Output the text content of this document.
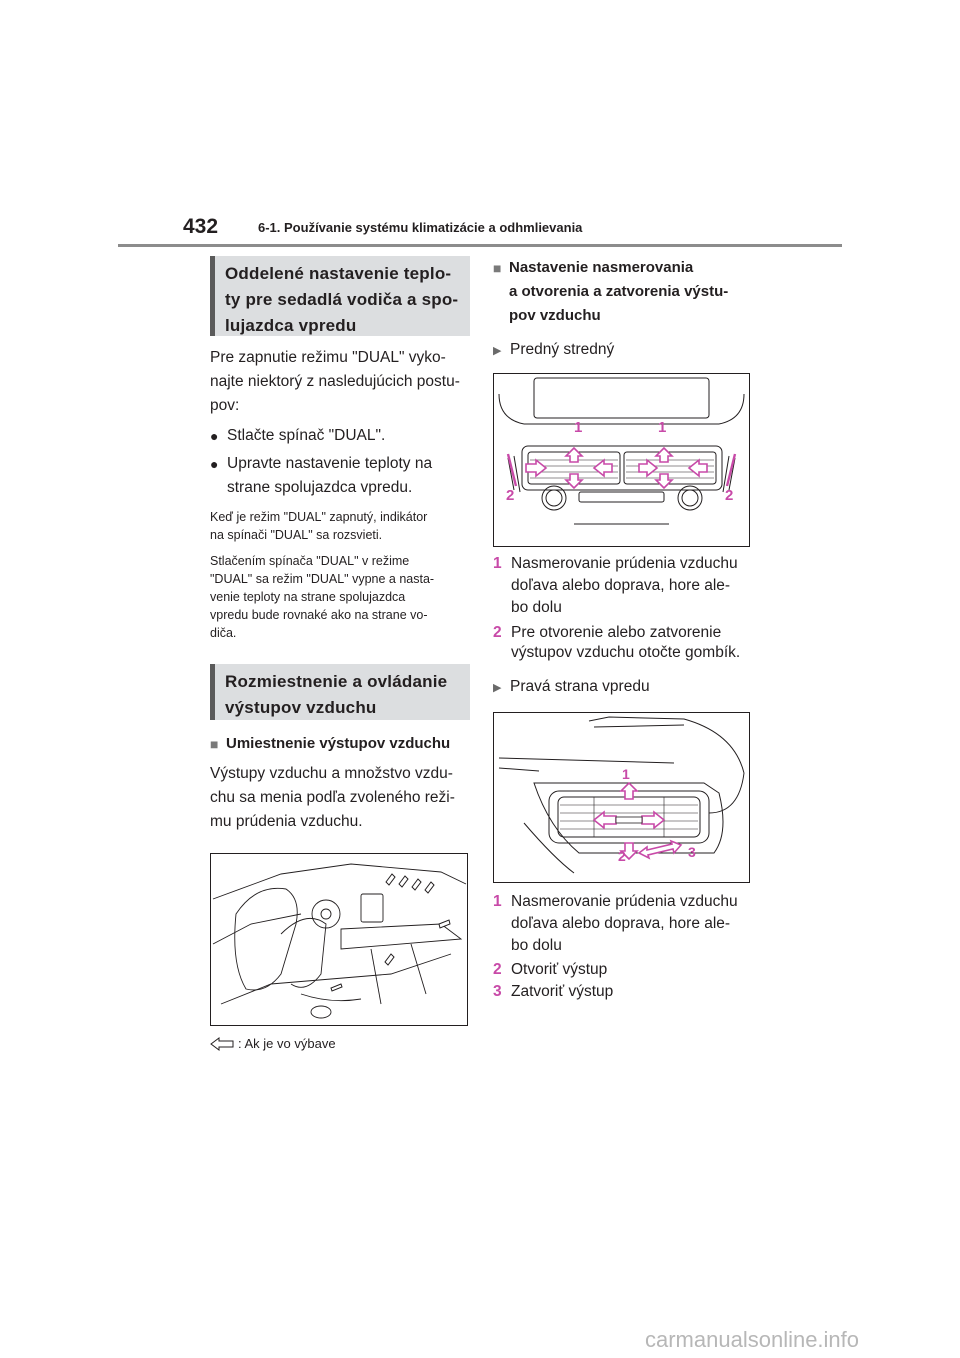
432	6-1. Používanie systému klimatizácie a odhmlievania
Oddelené nastavenie teplo-
ty pre sedadlá vodiča a spo-
lujazdca vpredu
Pre zapnutie režimu "DUAL" vyko-
najte niektorý z nasledujúcich postu-
pov:
● Stlačte spínač "DUAL".
● Upravte nastavenie teploty na
strane spolujazdca vpredu.
Keď je režim "DUAL" zapnutý, indikátor
na spínači "DUAL" sa rozsvieti.
Stlačením spínača "DUAL" v režime
"DUAL" sa režim "DUAL" vypne a nasta-
venie teploty na strane spolujazdca
vpredu bude rovnaké ako na strane vo-
diča.
Rozmiestnenie a ovládanie
výstupov vzduchu
■ Umiestnenie výstupov vzduchu
Výstupy vzduchu a množstvo vzdu-
chu sa menia podľa zvoleného reži-
mu prúdenia vzduchu.
: Ak je vo výbave
■ Nastavenie nasmerovania
a otvorenia a zatvorenia výstu-
pov vzduchu
▶ Predný stredný
1	1
2	2
1 Nasmerovanie prúdenia vzduchu
doľava alebo doprava, hore ale-
bo dolu
2 Pre otvorenie alebo zatvorenie
výstupov vzduchu otočte gombík.
▶ Pravá strana vpredu
1
2	3
1 Nasmerovanie prúdenia vzduchu
doľava alebo doprava, hore ale-
bo dolu
2 Otvoriť výstup
3 Zatvoriť výstup
carmanualsonline.info
